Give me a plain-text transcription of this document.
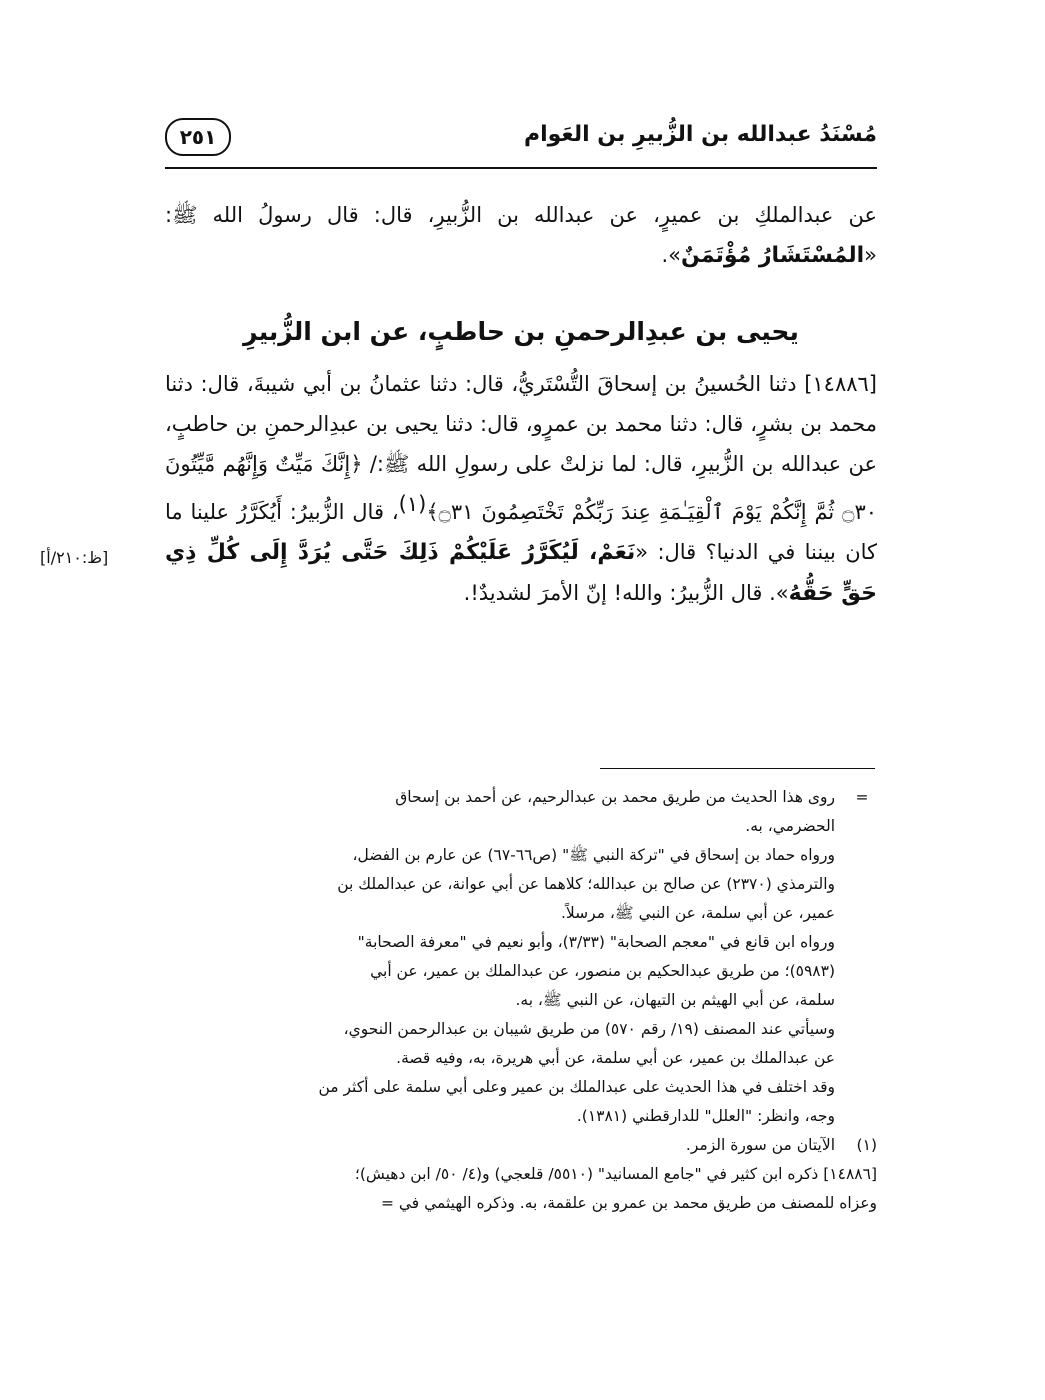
مُسْنَدُ عبدالله بن الزُّبيرِ بن العَوام
٢٥١

عن عبدالملكِ بن عميرٍ، عن عبدالله بن الزُّبيرِ، قال: قال رسولُ الله ﷺ: «المُسْتَشَارُ مُؤْتَمَنٌ».

يحيى بن عبدِالرحمنِ بن حاطبٍ، عن ابن الزُّبيرِ

[١٤٨٨٦] دثنا الحُسينُ بن إسحاقَ التُّسْتَريُّ، قال: دثنا عثمانُ بن أبي شيبةَ، قال: دثنا محمد بن بشرٍ، قال: دثنا محمد بن عمرٍو، قال: دثنا يحيى بن عبدِالرحمنِ بن حاطبٍ، عن عبدالله بن الزُّبيرِ، قال: لما نزلتْ على رسولِ الله ﷺ:/ ﴿إِنَّكَ مَيِّتٌ وَإِنَّهُم مَّيِّتُونَ ۝٣٠ ثُمَّ إِنَّكُمْ يَوْمَ ٱلْقِيَـٰمَةِ عِندَ رَبِّكُمْ تَخْتَصِمُونَ ۝٣١﴾$^{(١)}$، قال الزُّبيرُ: أَيُكَرَّرُ علينا ما كان بيننا في الدنيا؟ قال: «نَعَمْ، لَيُكَرَّرُ عَلَيْكُمْ ذَلِكَ حَتَّى يُرَدَّ إِلَى كُلِّ ذِي حَقٍّ حَقُّهُ». قال الزُّبيرُ: والله! إنّ الأمرَ لشديدٌ!.

[ظ:٢١٠/أ]
=

روى هذا الحديث من طريق محمد بن عبدالرحيم، عن أحمد بن إسحاق

الحضرمي، به.

ورواه حماد بن إسحاق في "تركة النبي ﷺ" (ص٦٦-٦٧) عن عارم بن الفضل،

والترمذي (٢٣٧٠) عن صالح بن عبدالله؛ كلاهما عن أبي عوانة، عن عبدالملك بن

عمير، عن أبي سلمة، عن النبي ﷺ، مرسلاً.

ورواه ابن قانع في "معجم الصحابة" (٣/٣٣)، وأبو نعيم في "معرفة الصحابة"

(٥٩٨٣)؛ من طريق عبدالحكيم بن منصور، عن عبدالملك بن عمير، عن أبي

سلمة، عن أبي الهيثم بن التيهان، عن النبي ﷺ، به.

وسيأتي عند المصنف (١٩/ رقم ٥٧٠) من طريق شيبان بن عبدالرحمن النحوي،

عن عبدالملك بن عمير، عن أبي سلمة، عن أبي هريرة، به، وفيه قصة.

وقد اختلف في هذا الحديث على عبدالملك بن عمير وعلى أبي سلمة على أكثر من

وجه، وانظر: "العلل" للدارقطني (١٣٨١).

(١)
الآيتان من سورة الزمر.

[١٤٨٨٦] ذكره ابن كثير في "جامع المسانيد" (٥٥١٠/ قلعجي) و(٤/ ٥٠/ ابن دهيش)؛

وعزاه للمصنف من طريق محمد بن عمرو بن علقمة، به. وذكره الهيثمي في =
